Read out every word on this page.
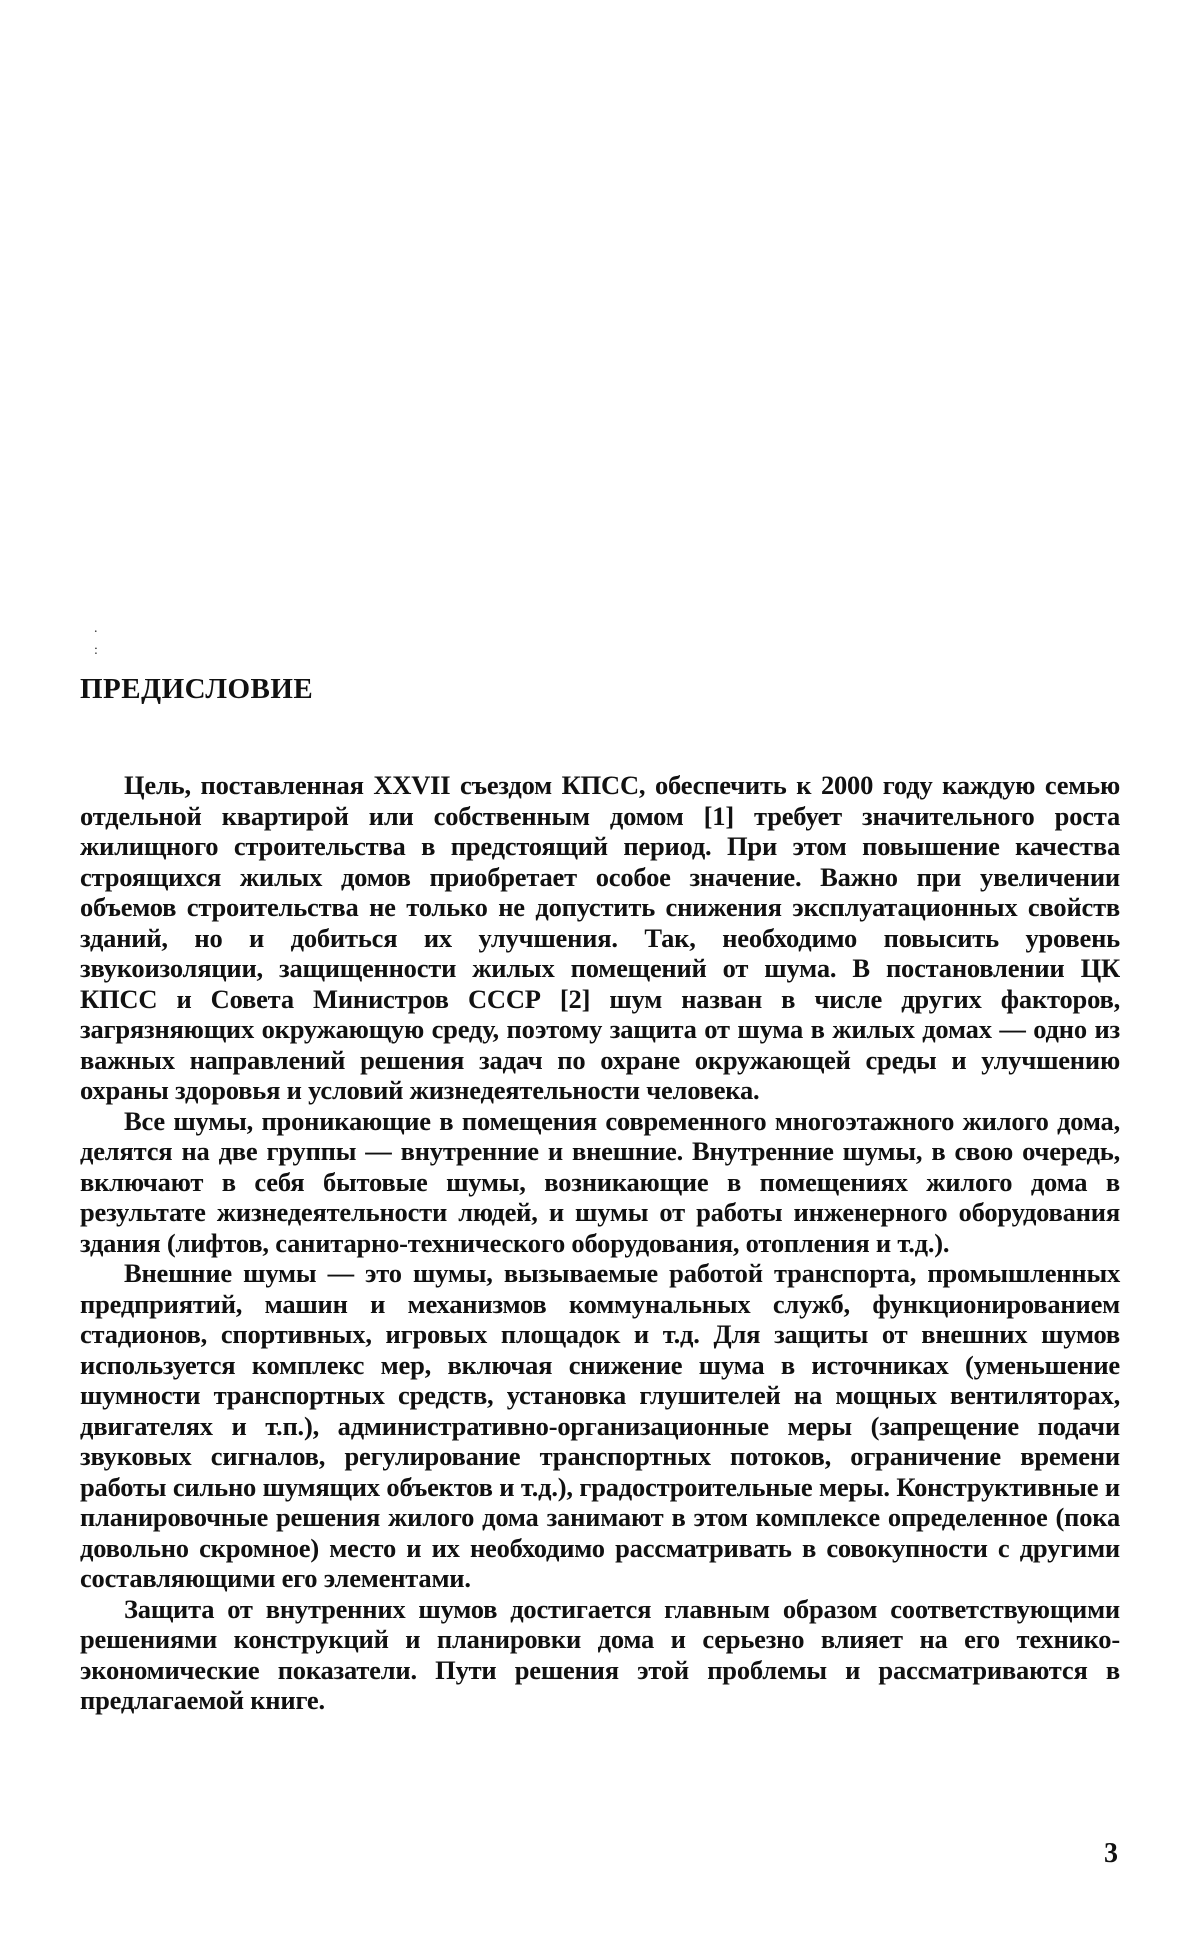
.
:
ПРЕДИСЛОВИЕ

Цель, поставленная XXVII съездом КПСС, обеспечить к 2000 году каждую семью отдельной квартирой или собственным домом [1] требует значительного роста жилищного строительства в предстоящий период. При этом повышение качества строящихся жилых домов приобретает особое значение. Важно при увеличении объемов строительства не только не допустить снижения эксплуатационных свойств зданий, но и добиться их улучшения. Так, необходимо повысить уровень звукоизоляции, защищенности жилых помещений от шума. В постановлении ЦК КПСС и Совета Министров СССР [2] шум назван в числе других факторов, загрязняющих окружающую среду, поэтому защита от шума в жилых домах — одно из важных направлений решения задач по охране окружающей среды и улучшению охраны здоровья и условий жизнедеятельности человека.

Все шумы, проникающие в помещения современного многоэтажного жилого дома, делятся на две группы — внутренние и внешние. Внутренние шумы, в свою очередь, включают в себя бытовые шумы, возникающие в помещениях жилого дома в результате жизнедеятельности людей, и шумы от работы инженерного оборудования здания (лифтов, санитарно-технического оборудования, отопления и т.д.).

Внешние шумы — это шумы, вызываемые работой транспорта, промышленных предприятий, машин и механизмов коммунальных служб, функционированием стадионов, спортивных, игровых площадок и т.д. Для защиты от внешних шумов используется комплекс мер, включая снижение шума в источниках (уменьшение шумности транспортных средств, установка глушителей на мощных вентиляторах, двигателях и т.п.), административно-организационные меры (запрещение подачи звуковых сигналов, регулирование транспортных потоков, ограничение времени работы сильно шумящих объектов и т.д.), градостроительные меры. Конструктивные и планировочные решения жилого дома занимают в этом комплексе определенное (пока довольно скромное) место и их необходимо рассматривать в совокупности с другими составляющими его элементами.

Защита от внутренних шумов достигается главным образом соответствующими решениями конструкций и планировки дома и серьезно влияет на его технико-экономические показатели. Пути решения этой проблемы и рассматриваются в предлагаемой книге.

3
